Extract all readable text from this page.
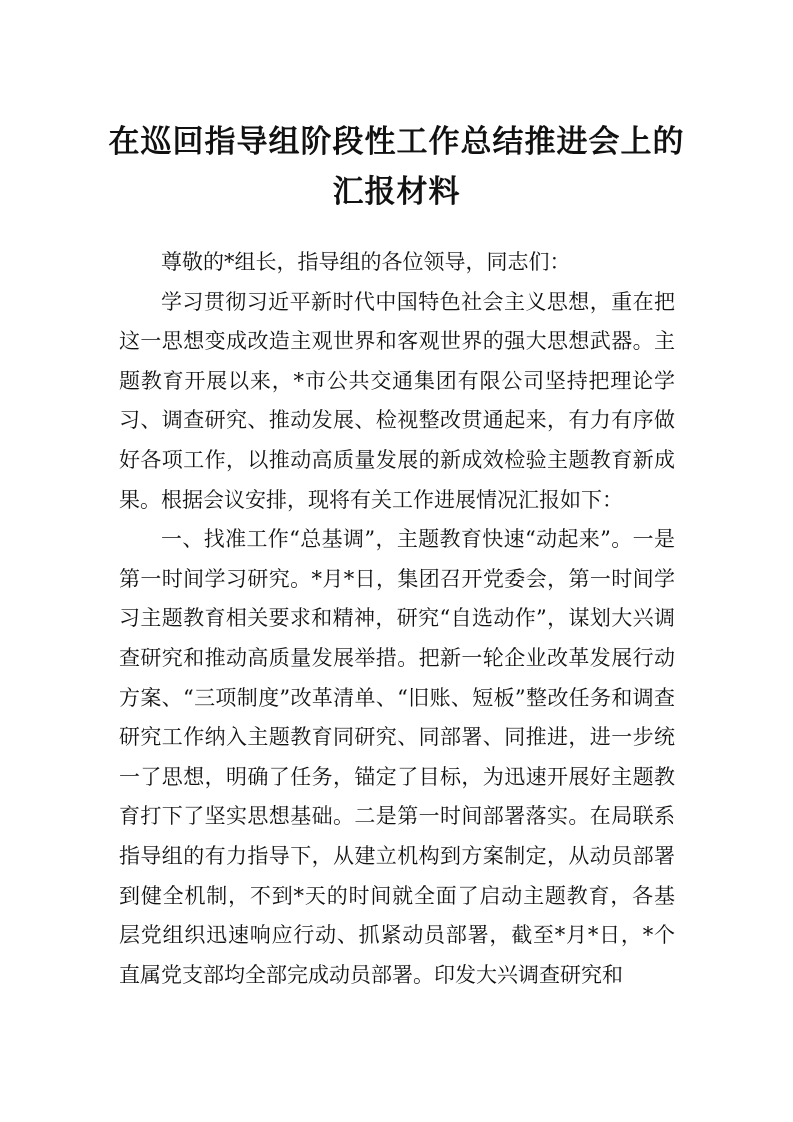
在巡回指导组阶段性工作总结推进会上的
汇报材料

尊敬的*组长，指导组的各位领导，同志们：

学习贯彻习近平新时代中国特色社会主义思想，重在把这一思想变成改造主观世界和客观世界的强大思想武器。主题教育开展以来，*市公共交通集团有限公司坚持把理论学习、调查研究、推动发展、检视整改贯通起来，有力有序做好各项工作，以推动高质量发展的新成效检验主题教育新成果。根据会议安排，现将有关工作进展情况汇报如下：

一、找准工作“总基调”，主题教育快速“动起来”。一是第一时间学习研究。*月*日，集团召开党委会，第一时间学习主题教育相关要求和精神，研究“自选动作”，谋划大兴调查研究和推动高质量发展举措。把新一轮企业改革发展行动方案、“三项制度”改革清单、“旧账、短板”整改任务和调查研究工作纳入主题教育同研究、同部署、同推进，进一步统一了思想，明确了任务，锚定了目标，为迅速开展好主题教育打下了坚实思想基础。二是第一时间部署落实。在局联系指导组的有力指导下，从建立机构到方案制定，从动员部署到健全机制，不到*天的时间就全面了启动主题教育，各基层党组织迅速响应行动、抓紧动员部署，截至*月*日，*个直属党支部均全部完成动员部署。印发大兴调查研究和
